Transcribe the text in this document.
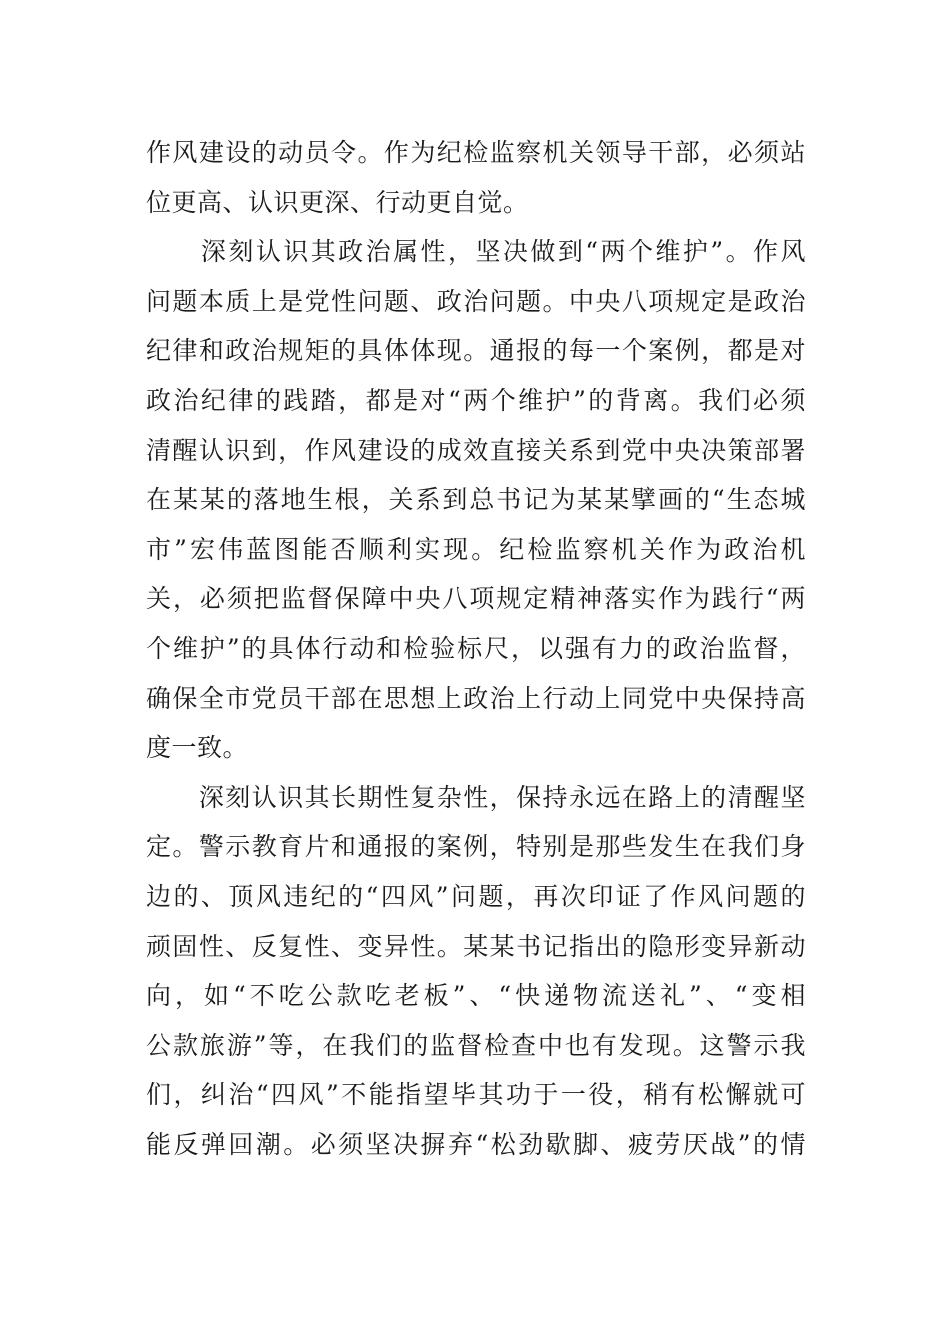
作风建设的动员令。作为纪检监察机关领导干部，必须站
位更高、认识更深、行动更自觉。
　　深刻认识其政治属性，坚决做到“两个维护”。作风
问题本质上是党性问题、政治问题。中央八项规定是政治
纪律和政治规矩的具体体现。通报的每一个案例，都是对
政治纪律的践踏，都是对“两个维护”的背离。我们必须
清醒认识到，作风建设的成效直接关系到党中央决策部署
在某某的落地生根，关系到总书记为某某擘画的“生态城
市”宏伟蓝图能否顺利实现。纪检监察机关作为政治机
关，必须把监督保障中央八项规定精神落实作为践行“两
个维护”的具体行动和检验标尺，以强有力的政治监督，
确保全市党员干部在思想上政治上行动上同党中央保持高
度一致。
　　深刻认识其长期性复杂性，保持永远在路上的清醒坚
定。警示教育片和通报的案例，特别是那些发生在我们身
边的、顶风违纪的“四风”问题，再次印证了作风问题的
顽固性、反复性、变异性。某某书记指出的隐形变异新动
向，如“不吃公款吃老板”、“快递物流送礼”、“变相
公款旅游”等，在我们的监督检查中也有发现。这警示我
们，纠治“四风”不能指望毕其功于一役，稍有松懈就可
能反弹回潮。必须坚决摒弃“松劲歇脚、疲劳厌战”的情
